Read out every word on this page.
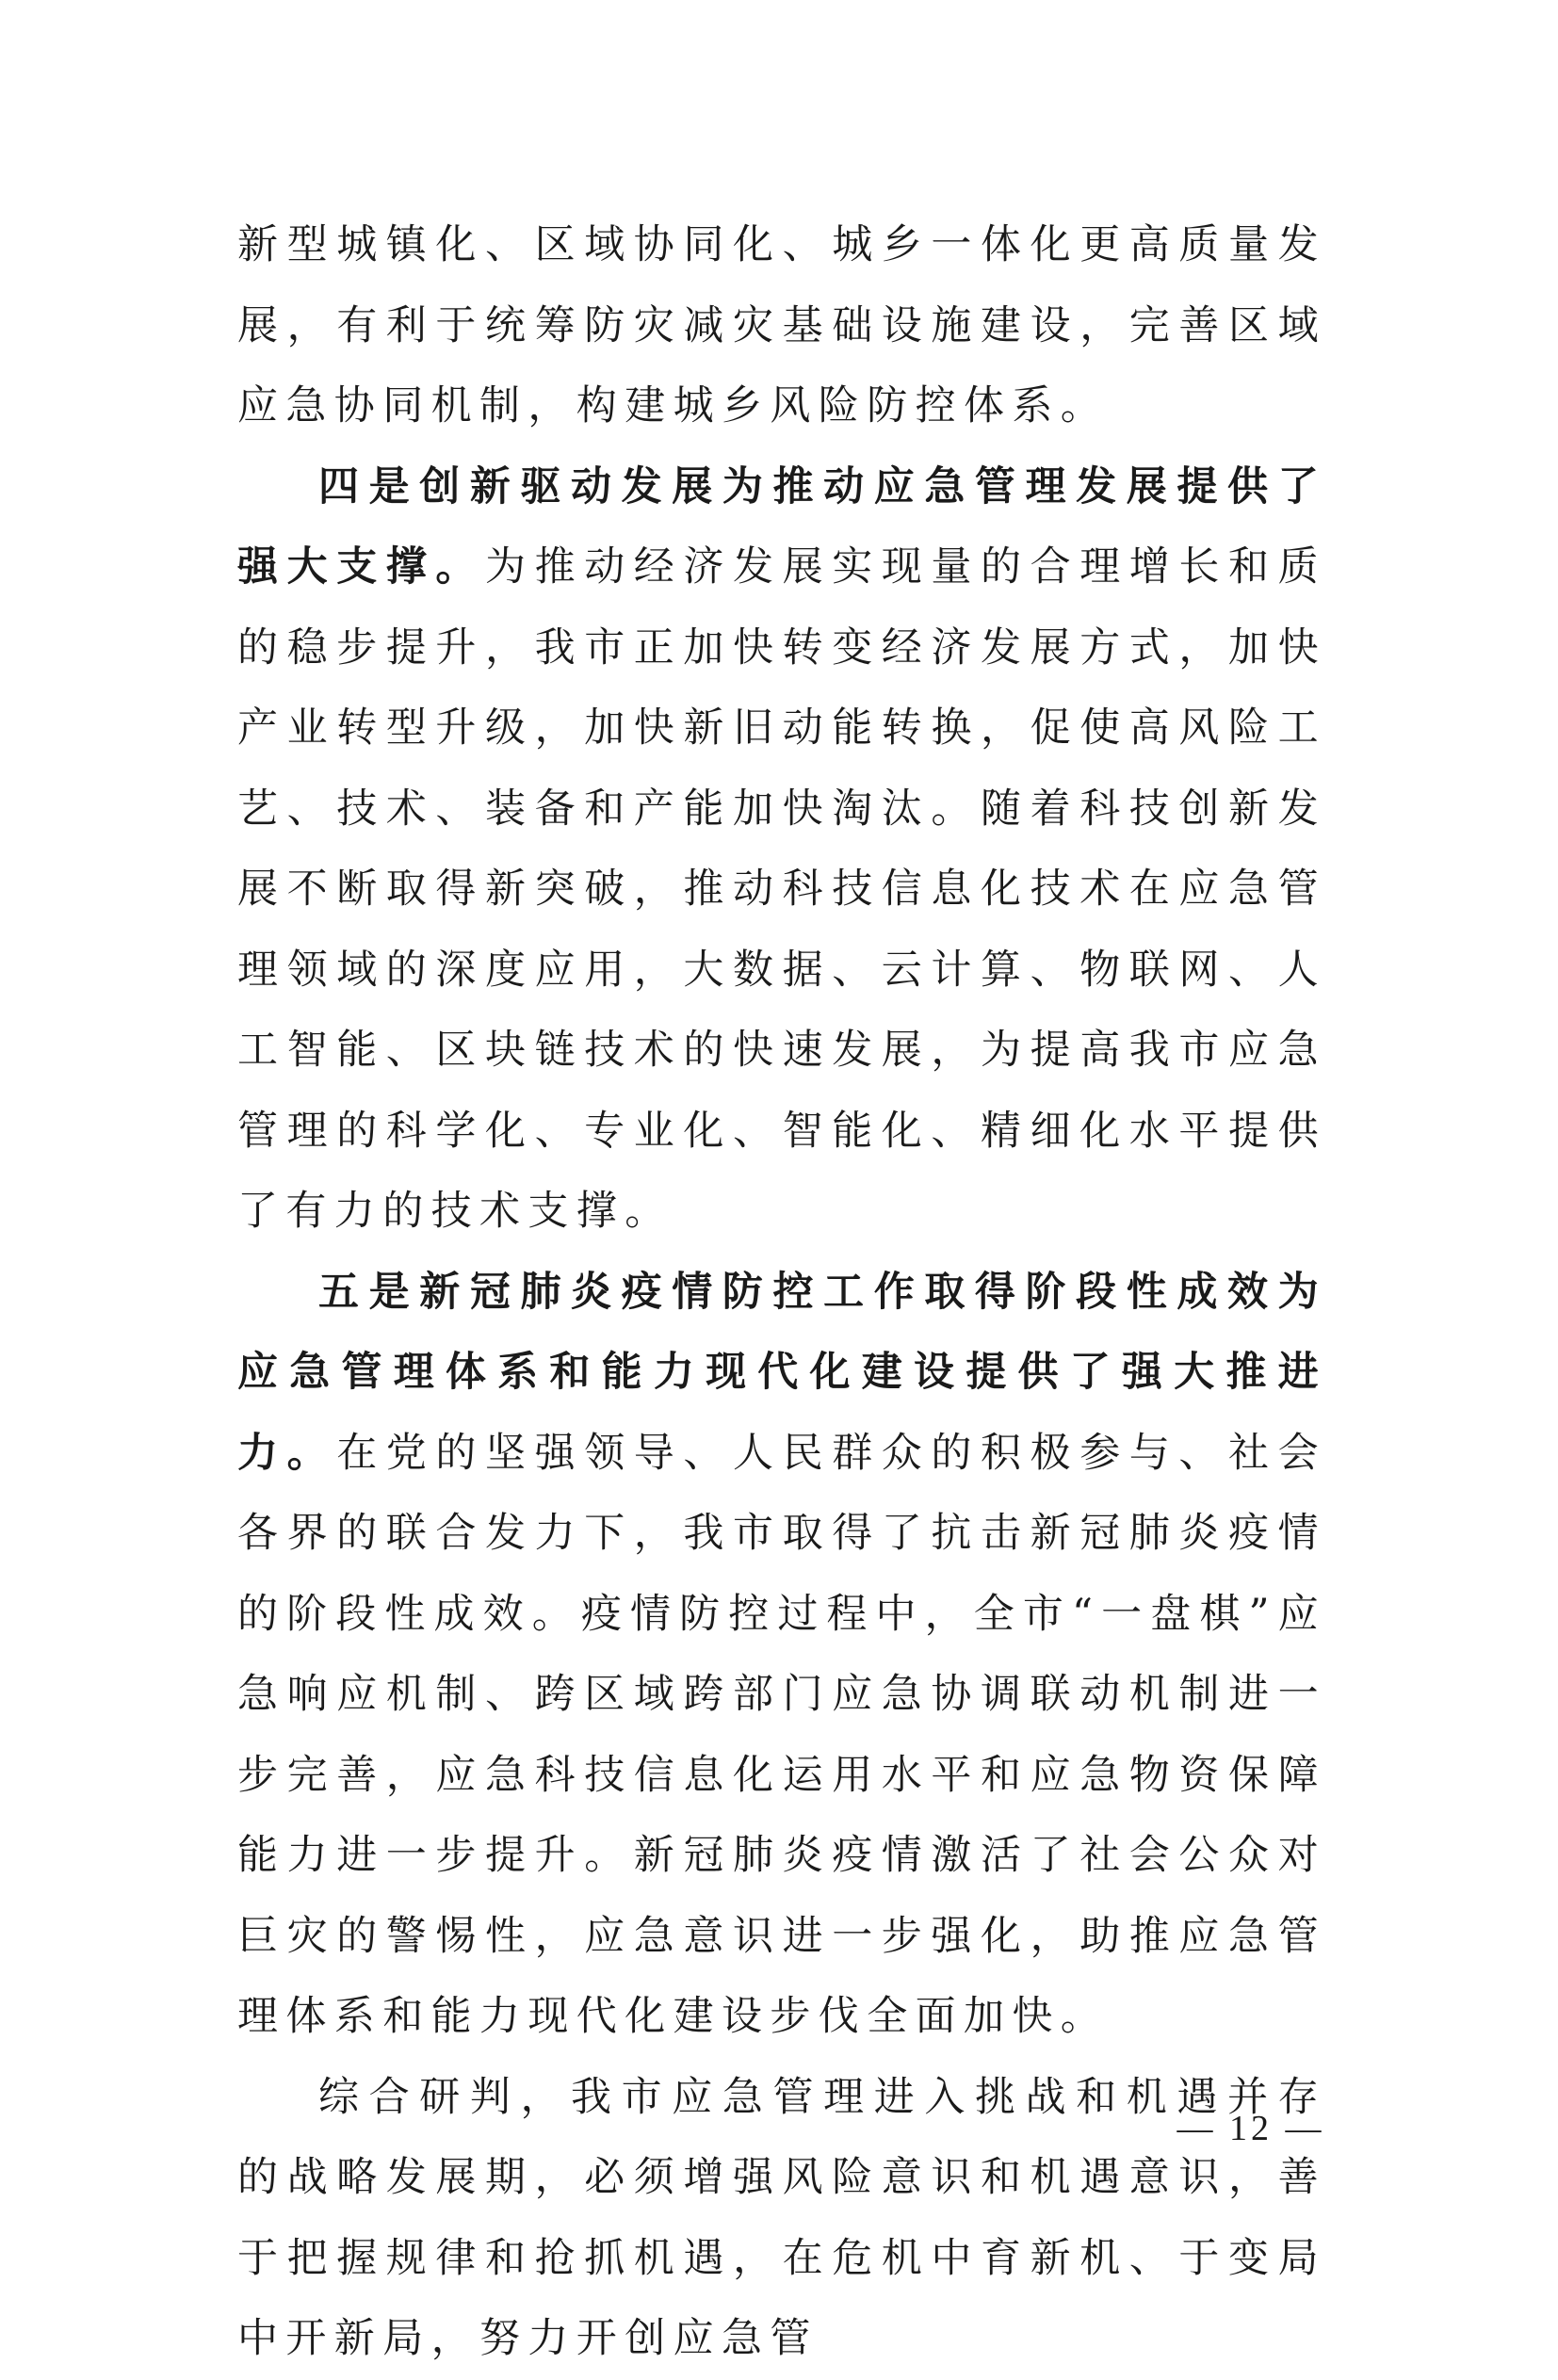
新型城镇化、区域协同化、城乡一体化更高质量发展，有利于统筹防灾减灾基础设施建设，完善区域应急协同机制，构建城乡风险防控体系。

四是创新驱动发展为推动应急管理发展提供了强大支撑。为推动经济发展实现量的合理增长和质的稳步提升，我市正加快转变经济发展方式，加快产业转型升级，加快新旧动能转换，促使高风险工艺、技术、装备和产能加快淘汰。随着科技创新发展不断取得新突破，推动科技信息化技术在应急管理领域的深度应用，大数据、云计算、物联网、人工智能、区块链技术的快速发展，为提高我市应急管理的科学化、专业化、智能化、精细化水平提供了有力的技术支撑。

五是新冠肺炎疫情防控工作取得阶段性成效为应急管理体系和能力现代化建设提供了强大推进力。在党的坚强领导、人民群众的积极参与、社会各界的联合发力下，我市取得了抗击新冠肺炎疫情的阶段性成效。疫情防控过程中，全市“一盘棋”应急响应机制、跨区域跨部门应急协调联动机制进一步完善，应急科技信息化运用水平和应急物资保障能力进一步提升。新冠肺炎疫情激活了社会公众对巨灾的警惕性，应急意识进一步强化，助推应急管理体系和能力现代化建设步伐全面加快。

综合研判，我市应急管理进入挑战和机遇并存的战略发展期，必须增强风险意识和机遇意识，善于把握规律和抢抓机遇，在危机中育新机、于变局中开新局，努力开创应急管

— 12 —
